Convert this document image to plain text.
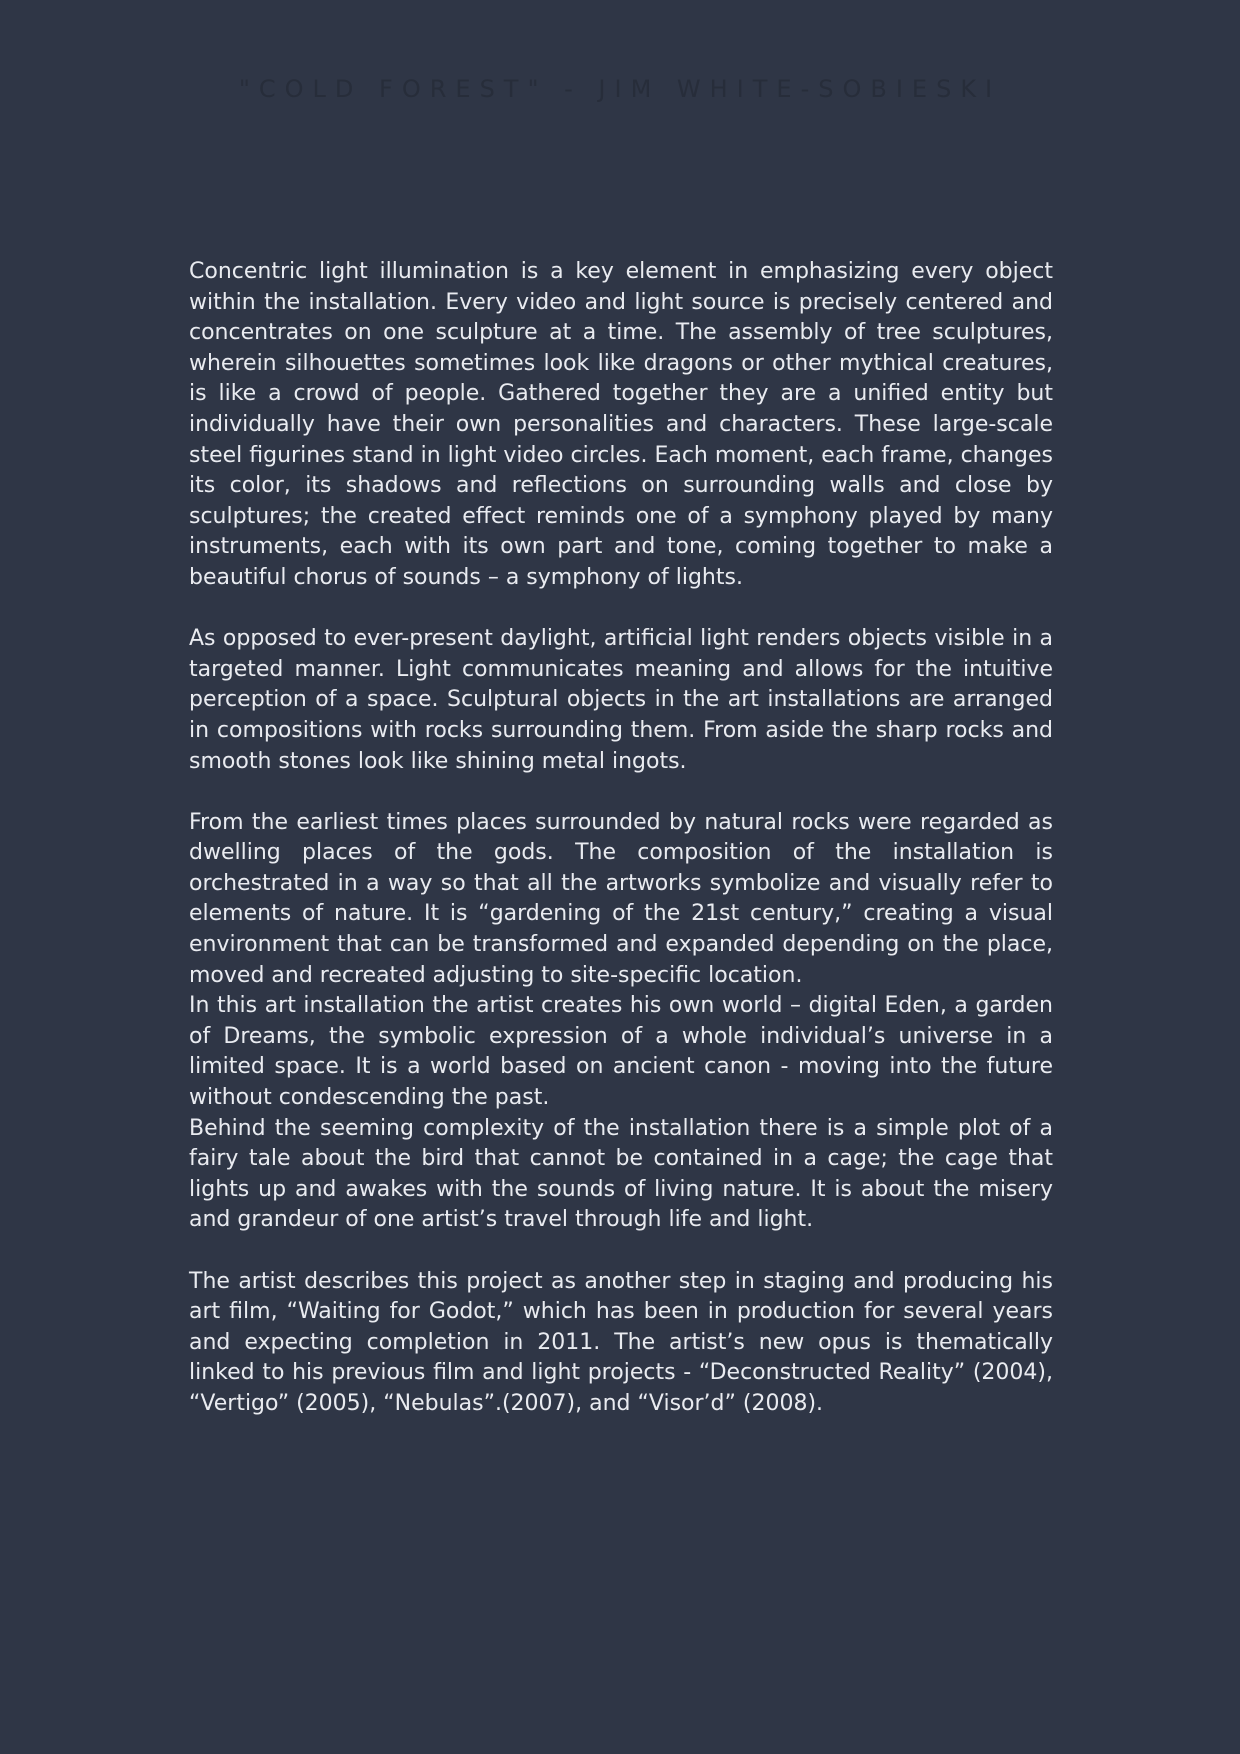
"COLD FOREST" - JIM WHITE-SOBIESKI

Concentric light illumination is a key element in emphasizing every object within the installation. Every video and light source is precisely centered and concentrates on one sculpture at a time. The assembly of tree sculptures, wherein silhouettes sometimes look like dragons or other mythical creatures, is like a crowd of people. Gathered together they are a unified entity but individually have their own personalities and characters. These large-scale steel figurines stand in light video circles. Each moment, each frame, changes its color, its shadows and reflections on surrounding walls and close by sculptures; the created effect reminds one of a symphony played by many instruments, each with its own part and tone, coming together to make a beautiful chorus of sounds – a symphony of lights.

As opposed to ever-present daylight, artificial light renders objects visible in a targeted manner. Light communicates meaning and allows for the intuitive perception of a space. Sculptural objects in the art installations are arranged in compositions with rocks surrounding them. From aside the sharp rocks and smooth stones look like shining metal ingots.

From the earliest times places surrounded by natural rocks were regarded as dwelling places of the gods. The composition of the installation is orchestrated in a way so that all the artworks symbolize and visually refer to elements of nature. It is “gardening of the 21st century,” creating a visual environment that can be transformed and expanded depending on the place, moved and recreated adjusting to site-specific location.

In this art installation the artist creates his own world – digital Eden, a garden of Dreams, the symbolic expression of a whole individual’s universe in a limited space. It is a world based on ancient canon - moving into the future without condescending the past.

Behind the seeming complexity of the installation there is a simple plot of a fairy tale about the bird that cannot be contained in a cage; the cage that lights up and awakes with the sounds of living nature. It is about the misery and grandeur of one artist’s travel through life and light.

The artist describes this project as another step in staging and producing his art film, “Waiting for Godot,” which has been in production for several years and expecting completion in 2011. The artist’s new opus is thematically linked to his previous film and light projects - “Deconstructed Reality” (2004), “Vertigo” (2005), “Nebulas”.(2007), and “Visor’d” (2008).
